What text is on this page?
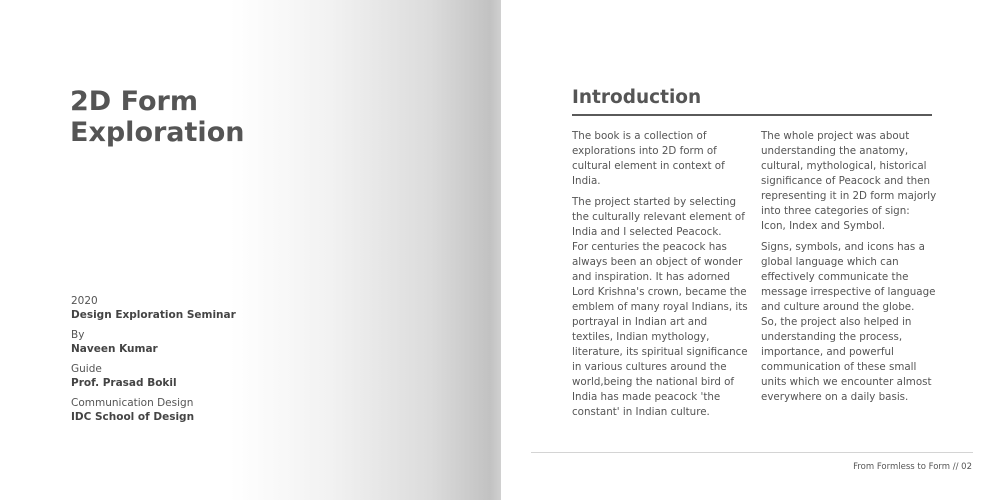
2D Form
Exploration
2020
Design Exploration Seminar
By
Naveen Kumar
Guide
Prof. Prasad Bokil
Communication Design
IDC School of Design
Introduction

The book is a collection of explorations into 2D form of cultural element in context of India.

The project started by selecting the culturally relevant element of India and I selected Peacock.

For centuries the peacock has always been an object of wonder and inspiration. It has adorned Lord Krishna's crown, became the emblem of many royal Indians, its portrayal in Indian art and textiles, Indian mythology, literature, its spiritual significance in various cultures around the world,being the national bird of India has made peacock 'the constant' in Indian culture.

The whole project was about understanding the anatomy, cultural, mythological, historical significance of Peacock and then representing it in 2D form majorly into three categories of sign: Icon, Index and Symbol.

Signs, symbols, and icons has a global language which can effectively communicate the message irrespective of language and culture around the globe.

So, the project also helped in understanding the process, importance, and powerful communication of these small units which we encounter almost everywhere on a daily basis.

From Formless to Form // 02
